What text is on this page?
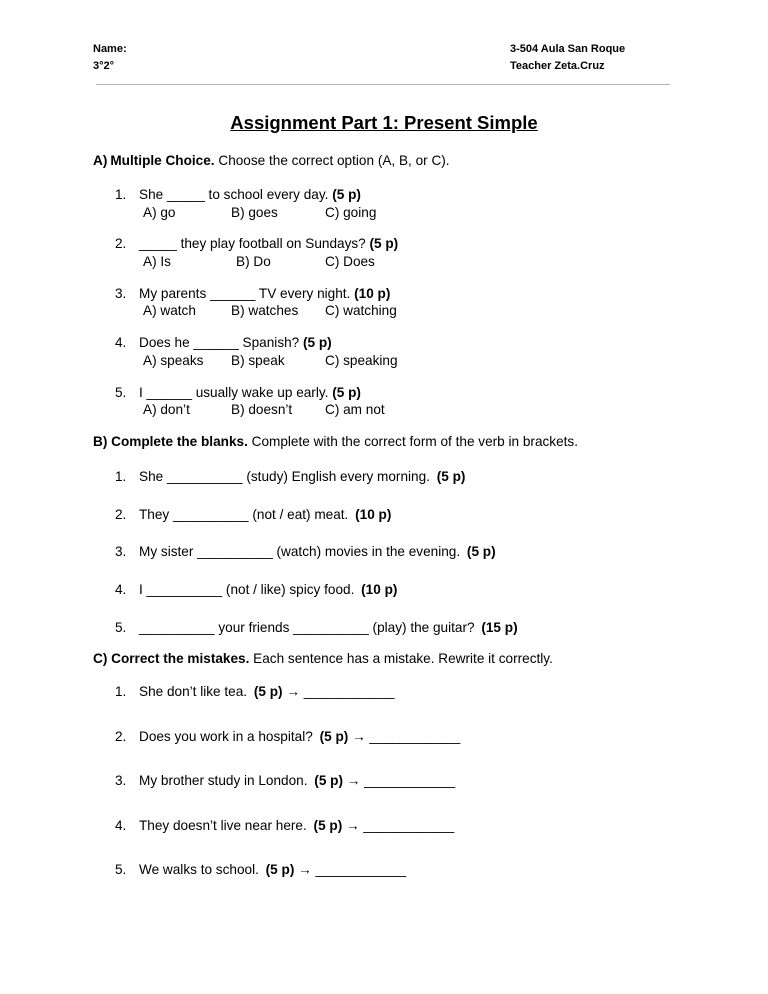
Name:
3°2°
3-504 Aula San Roque
Teacher Zeta.Cruz
Assignment Part 1: Present Simple
A) Multiple Choice. Choose the correct option (A, B, or C).
1. She _____ to school every day. (5 p)
A) go	B) goes	C) going
2. _____ they play football on Sundays? (5 p)
A) Is	B) Do	C) Does
3. My parents ______ TV every night. (10 p)
A) watch	B) watches C) watching
4. Does he ______ Spanish? (5 p)
A) speaks B) speak	C) speaking
5. I ______ usually wake up early. (5 p)
A) don’t	B) doesn’t C) am not
B) Complete the blanks. Complete with the correct form of the verb in brackets.
1. She __________ (study) English every morning. (5 p)
2. They __________ (not / eat) meat. (10 p)
3. My sister __________ (watch) movies in the evening. (5 p)
4. I __________ (not / like) spicy food. (10 p)
5. __________ your friends __________ (play) the guitar? (15 p)
C) Correct the mistakes. Each sentence has a mistake. Rewrite it correctly.
1. She don’t like tea. (5 p) → ____________
2. Does you work in a hospital? (5 p) → ____________
3. My brother study in London. (5 p) → ____________
4. They doesn’t live near here. (5 p) → ____________
5. We walks to school. (5 p) → ____________
